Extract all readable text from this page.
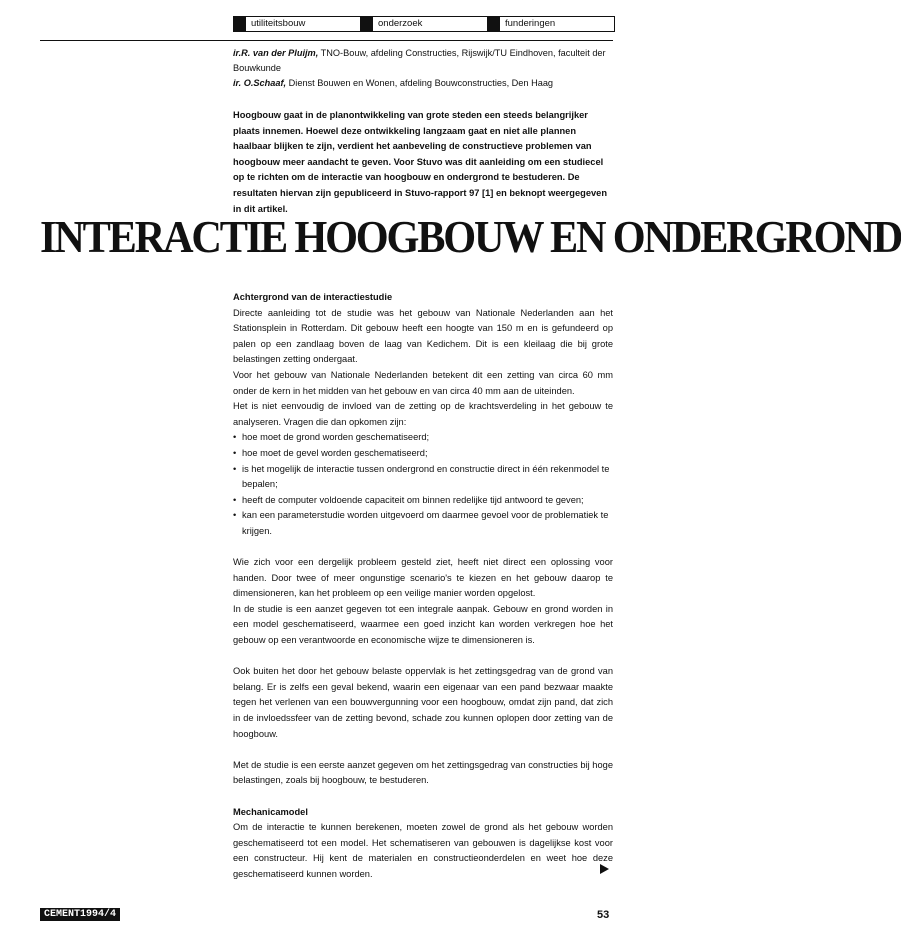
utiliteitsbouw	onderzoek	funderingen
ir.R. van der Pluijm, TNO-Bouw, afdeling Constructies, Rijswijk/TU Eindhoven, faculteit der Bouwkunde
ir. O.Schaaf, Dienst Bouwen en Wonen, afdeling Bouwconstructies, Den Haag

Hoogbouw gaat in de planontwikkeling van grote steden een steeds belangrijker plaats innemen. Hoewel deze ontwikkeling langzaam gaat en niet alle plannen haalbaar blijken te zijn, verdient het aanbeveling de constructieve problemen van hoogbouw meer aandacht te geven. Voor Stuvo was dit aanleiding om een studiecel op te richten om de interactie van hoogbouw en ondergrond te bestuderen. De resultaten hiervan zijn gepubliceerd in Stuvo-rapport 97 [1] en beknopt weergegeven in dit artikel.

INTERACTIE HOOGBOUW EN ONDERGROND
Achtergrond van de interactiestudie

Directe aanleiding tot de studie was het gebouw van Nationale Nederlanden aan het Stationsplein in Rotterdam. Dit gebouw heeft een hoogte van 150 m en is gefundeerd op palen op een zandlaag boven de laag van Kedichem. Dit is een kleilaag die bij grote belastingen zetting ondergaat.

Voor het gebouw van Nationale Nederlanden betekent dit een zetting van circa 60 mm onder de kern in het midden van het gebouw en van circa 40 mm aan de uiteinden.

Het is niet eenvoudig de invloed van de zetting op de krachtsverdeling in het gebouw te analyseren. Vragen die dan opkomen zijn:

• hoe moet de grond worden geschematiseerd;
• hoe moet de gevel worden geschematiseerd;
• is het mogelijk de interactie tussen ondergrond en constructie direct in één rekenmodel te bepalen;
• heeft de computer voldoende capaciteit om binnen redelijke tijd antwoord te geven;
• kan een parameterstudie worden uitgevoerd om daarmee gevoel voor de problematiek te krijgen.

Wie zich voor een dergelijk probleem gesteld ziet, heeft niet direct een oplossing voor handen. Door twee of meer ongunstige scenario's te kiezen en het gebouw daarop te dimensioneren, kan het probleem op een veilige manier worden opgelost.

In de studie is een aanzet gegeven tot een integrale aanpak. Gebouw en grond worden in een model geschematiseerd, waarmee een goed inzicht kan worden verkregen hoe het gebouw op een verantwoorde en economische wijze te dimensioneren is.

Ook buiten het door het gebouw belaste oppervlak is het zettingsgedrag van de grond van belang. Er is zelfs een geval bekend, waarin een eigenaar van een pand bezwaar maakte tegen het verlenen van een bouwvergunning voor een hoogbouw, omdat zijn pand, dat zich in de invloedssfeer van de zetting bevond, schade zou kunnen oplopen door zetting van de hoogbouw.

Met de studie is een eerste aanzet gegeven om het zettingsgedrag van constructies bij hoge belastingen, zoals bij hoogbouw, te bestuderen.

Mechanicamodel

Om de interactie te kunnen berekenen, moeten zowel de grond als het gebouw worden geschematiseerd tot een model. Het schematiseren van gebouwen is dagelijkse kost voor een constructeur. Hij kent de materialen en constructieonderdelen en weet hoe deze geschematiseerd kunnen worden.

CEMENT1994/4	53
